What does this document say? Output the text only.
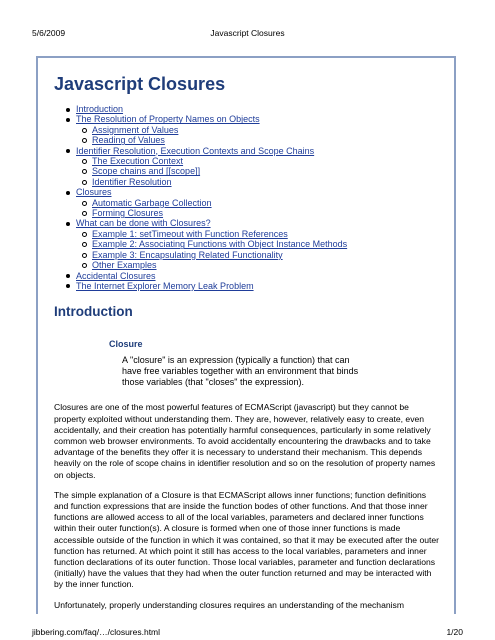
5/6/2009	Javascript Closures
Javascript Closures
Introduction
The Resolution of Property Names on Objects
Assignment of Values
Reading of Values
Identifier Resolution, Execution Contexts and Scope Chains
The Execution Context
Scope chains and [[scope]]
Identifier Resolution
Closures
Automatic Garbage Collection
Forming Closures
What can be done with Closures?
Example 1: setTimeout with Function References
Example 2: Associating Functions with Object Instance Methods
Example 3: Encapsulating Related Functionality
Other Examples
Accidental Closures
The Internet Explorer Memory Leak Problem
Introduction
Closure
A "closure" is an expression (typically a function) that can have free variables together with an environment that binds those variables (that "closes" the expression).

Closures are one of the most powerful features of ECMAScript (javascript) but they cannot be property exploited without understanding them. They are, however, relatively easy to create, even accidentally, and their creation has potentially harmful consequences, particularly in some relatively common web browser environments. To avoid accidentally encountering the drawbacks and to take advantage of the benefits they offer it is necessary to understand their mechanism. This depends heavily on the role of scope chains in identifier resolution and so on the resolution of property names on objects.

The simple explanation of a Closure is that ECMAScript allows inner functions; function definitions and function expressions that are inside the function bodes of other functions. And that those inner functions are allowed access to all of the local variables, parameters and declared inner functions within their outer function(s). A closure is formed when one of those inner functions is made accessible outside of the function in which it was contained, so that it may be executed after the outer function has returned. At which point it still has access to the local variables, parameters and inner function declarations of its outer function. Those local variables, parameter and function declarations (initially) have the values that they had when the outer function returned and may be interacted with by the inner function.

Unfortunately, properly understanding closures requires an understanding of the mechanism

jibbering.com/faq/…/closures.html	1/20
